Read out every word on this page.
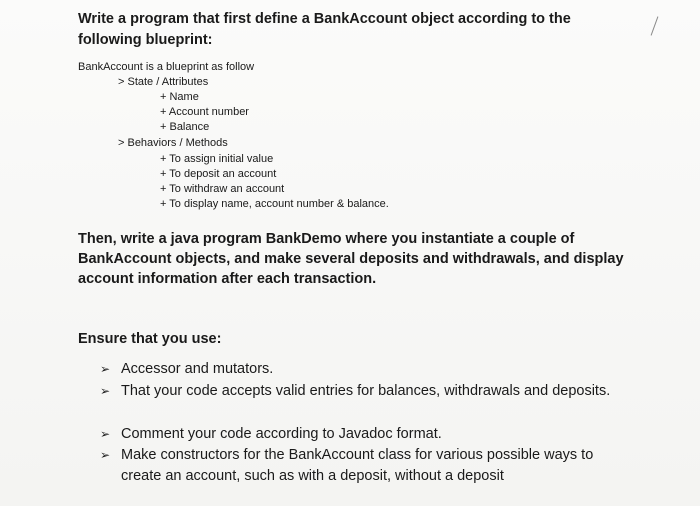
Write a program that first define a BankAccount object according to the following blueprint:
BankAccount is a blueprint as follow
> State / Attributes
+ Name
+ Account number
+ Balance
> Behaviors / Methods
+ To assign initial value
+ To deposit an account
+ To withdraw an account
+ To display name, account number & balance.
Then, write a java program BankDemo where you instantiate a couple of BankAccount objects, and make several deposits and withdrawals, and display account information after each transaction.
Ensure that you use:
➢ Accessor and mutators.
➢ That your code accepts valid entries for balances, withdrawals and deposits.
➢ Comment your code according to Javadoc format.
➢ Make constructors for the BankAccount class for various possible ways to create an account, such as with a deposit, without a deposit
